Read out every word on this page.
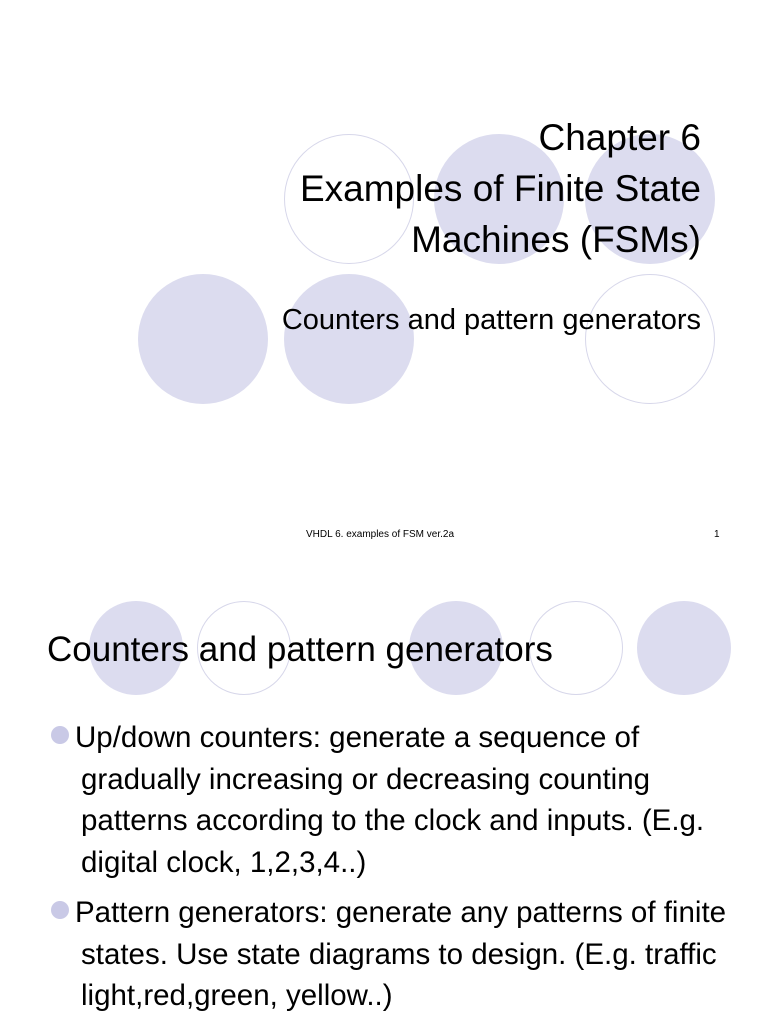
Chapter 6
Examples of Finite State
Machines (FSMs)
Counters and pattern generators
VHDL 6. examples of FSM ver.2a	1
Counters and pattern generators
Up/down counters: generate a sequence of gradually increasing or decreasing counting patterns according to the clock and inputs. (E.g. digital clock, 1,2,3,4..)
Pattern generators: generate any patterns of finite states. Use state diagrams to design. (E.g. traffic light,red,green, yellow..)
